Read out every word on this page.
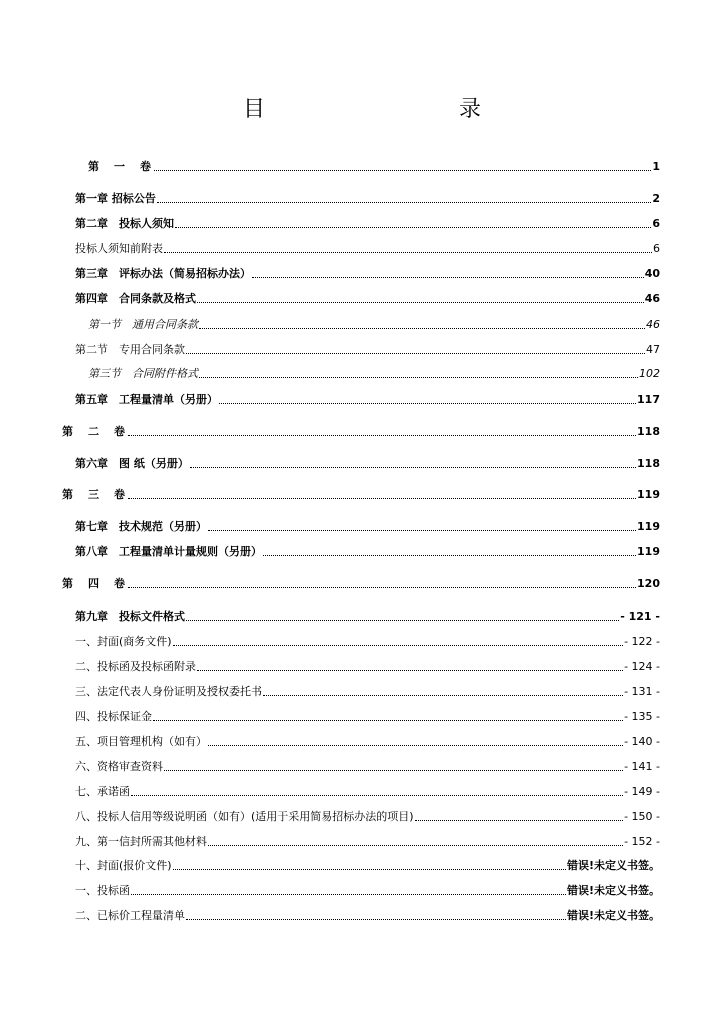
目　　录
第　一　卷	1
第一章 招标公告	2
第二章　投标人须知	6
投标人须知前附表	6
第三章　评标办法（简易招标办法）	40
第四章　合同条款及格式	46
第一节　通用合同条款	46
第二节　专用合同条款	47
第三节　合同附件格式	102
第五章　工程量清单（另册）	117
第　二　卷	118
第六章　图 纸（另册）	118
第　三　卷	119
第七章　技术规范（另册）	119
第八章　工程量清单计量规则（另册）	119
第　四　卷	120
第九章　投标文件格式	- 121 -
一、封面(商务文件)	- 122 -
二、投标函及投标函附录	- 124 -
三、法定代表人身份证明及授权委托书	- 131 -
四、投标保证金	- 135 -
五、项目管理机构（如有）	- 140 -
六、资格审查资料	- 141 -
七、承诺函	- 149 -
八、投标人信用等级说明函（如有）(适用于采用简易招标办法的项目)	- 150 -
九、第一信封所需其他材料	- 152 -
十、封面(报价文件)	错误!未定义书签。
一、投标函	错误!未定义书签。
二、已标价工程量清单	错误!未定义书签。
